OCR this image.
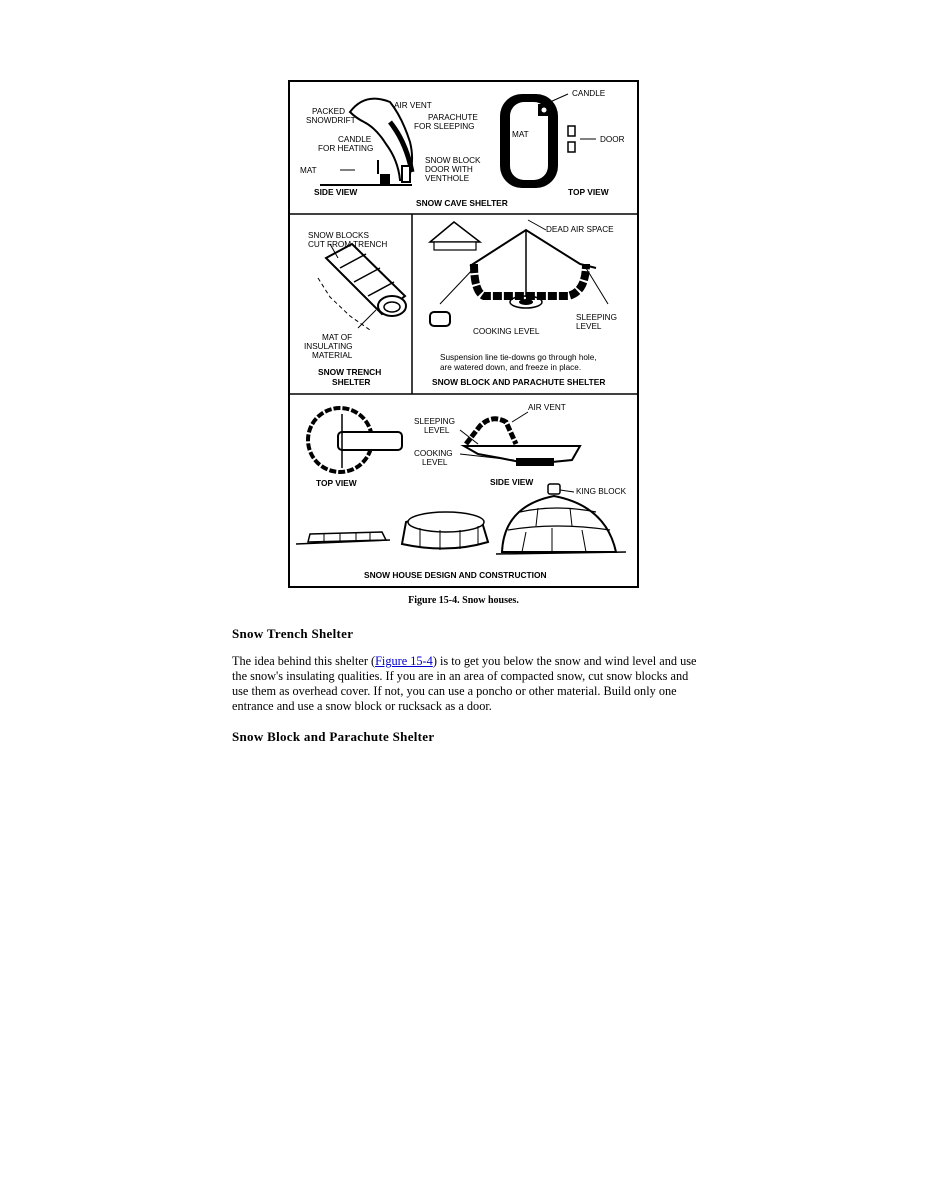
PACKED
SNOWDRIFT
AIR VENT
PARACHUTE
FOR SLEEPING
CANDLE
FOR HEATING
MAT
SNOW BLOCK
DOOR WITH
VENTHOLE
SIDE VIEW
MAT
CANDLE
DOOR
TOP VIEW
SNOW CAVE SHELTER
SNOW BLOCKS
CUT FROM TRENCH
MAT OF
INSULATING
MATERIAL
SNOW TRENCH
SHELTER
DEAD AIR SPACE
COOKING LEVEL
SLEEPING
LEVEL
Suspension line tie-downs go through hole,
are watered down, and freeze in place.
SNOW BLOCK AND PARACHUTE SHELTER
TOP VIEW
SLEEPING
LEVEL
COOKING
LEVEL
AIR VENT
SIDE VIEW
KING BLOCK
SNOW HOUSE DESIGN AND CONSTRUCTION
Figure 15-4. Snow houses.
Snow Trench Shelter
The idea behind this shelter (Figure 15-4) is to get you below the snow and wind level and use the snow's insulating qualities. If you are in an area of compacted snow, cut snow blocks and use them as overhead cover. If not, you can use a poncho or other material. Build only one entrance and use a snow block or rucksack as a door.
Snow Block and Parachute Shelter
